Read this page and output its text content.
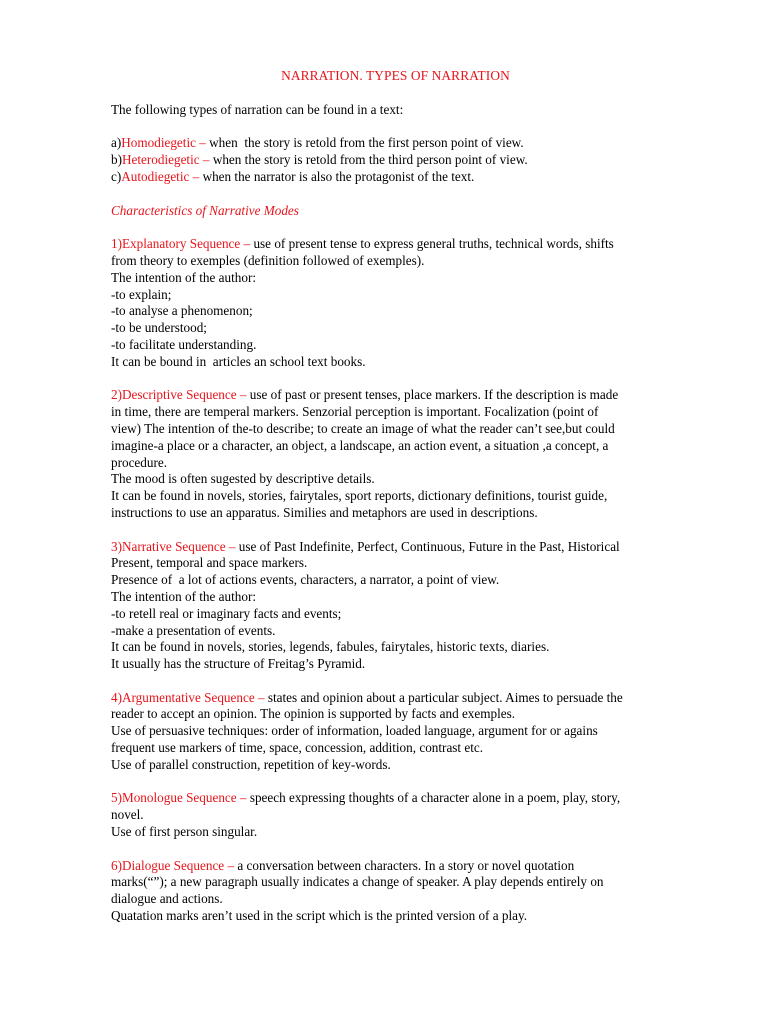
NARRATION. TYPES OF NARRATION
The following types of narration can be found in a text:
a)Homodiegetic – when  the story is retold from the first person point of view.
b)Heterodiegetic – when the story is retold from the third person point of view.
c)Autodiegetic – when the narrator is also the protagonist of the text.
Characteristics of Narrative Modes
1)Explanatory Sequence – use of present tense to express general truths, technical words, shifts
from theory to exemples (definition followed of exemples).
The intention of the author:
-to explain;
-to analyse a phenomenon;
-to be understood;
-to facilitate understanding.
It can be bound in  articles an school text books.
2)Descriptive Sequence – use of past or present tenses, place markers. If the description is made
in time, there are temperal markers. Senzorial perception is important. Focalization (point of
view) The intention of the-to describe; to create an image of what the reader can’t see,but could
imagine-a place or a character, an object, a landscape, an action event, a situation ,a concept, a
procedure.
The mood is often sugested by descriptive details.
It can be found in novels, stories, fairytales, sport reports, dictionary definitions, tourist guide,
instructions to use an apparatus. Similies and metaphors are used in descriptions.
3)Narrative Sequence – use of Past Indefinite, Perfect, Continuous, Future in the Past, Historical
Present, temporal and space markers.
Presence of  a lot of actions events, characters, a narrator, a point of view.
The intention of the author:
-to retell real or imaginary facts and events;
-make a presentation of events.
It can be found in novels, stories, legends, fabules, fairytales, historic texts, diaries.
It usually has the structure of Freitag’s Pyramid.
4)Argumentative Sequence – states and opinion about a particular subject. Aimes to persuade the
reader to accept an opinion. The opinion is supported by facts and exemples.
Use of persuasive techniques: order of information, loaded language, argument for or agains
frequent use markers of time, space, concession, addition, contrast etc.
Use of parallel construction, repetition of key-words.
5)Monologue Sequence – speech expressing thoughts of a character alone in a poem, play, story,
novel.
Use of first person singular.
6)Dialogue Sequence – a conversation between characters. In a story or novel quotation
marks(“”); a new paragraph usually indicates a change of speaker. A play depends entirely on
dialogue and actions.
Quatation marks aren’t used in the script which is the printed version of a play.
